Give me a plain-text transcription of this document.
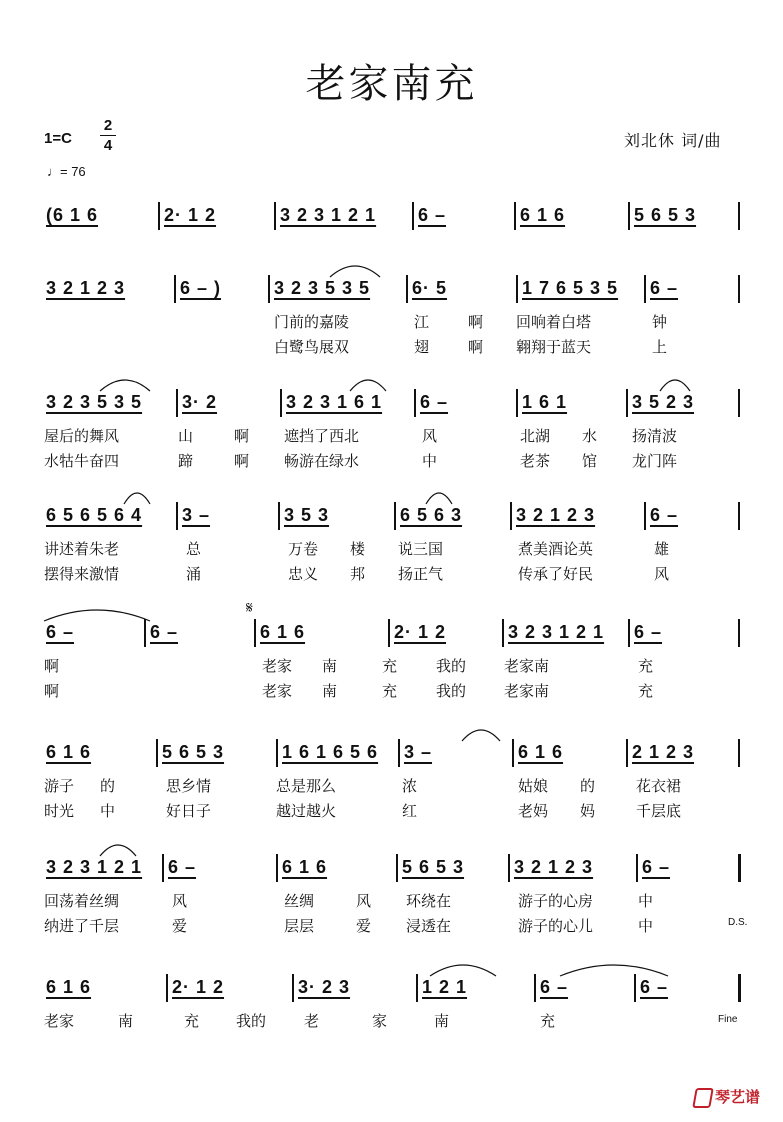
老家南充
1=C
2
4
♩= 76
刘北休 词/曲
(6 1 6	2· 1 2	3 2 3 1 2 1 6 –	6 1 6	5 6 5 3
3 2 1 2 3	6 – )	3 2 3 5 3 5 6· 5	1 7 6 5 3 5 6 –
门前的嘉陵	江	啊 回响着白塔	钟
白鹭鸟展双	翅	啊 翱翔于蓝天	上
3 2 3 5 3 5 3· 2	3 2 3 1 6 1 6 –	1 6 1	3 5 2 3
屋后的舞风	山	啊 遮挡了西北	风	北湖 水 扬清波
水牯牛奋四	蹄	啊 畅游在绿水	中	老茶 馆 龙门阵
6 5 6 5 6 4 3 –	3 5 3	6 5 6 3	3 2 1 2 3	6 –
讲述着朱老	总	万卷 楼 说三国	煮美酒论英	雄
摆得来激情	涌	忠义 邦 扬正气	传承了好民	风
6 –	6 –	6 1 6	2· 1 2	3 2 3 1 2 1 6 –
啊	老家 南	充	我的	老家南	充
啊	老家 南	充	我的	老家南	充
6 1 6	5 6 5 3	1 6 1 6 5 6 3 –	6 1 6	2 1 2 3
游子 的	思乡情	总是那么	浓	姑娘 的	花衣裙
时光 中	好日子	越过越火	红	老妈 妈	千层底
3 2 3 1 2 1 6 –	6 1 6	5 6 5 3	3 2 1 2 3	6 –
回荡着丝绸	风	丝绸	风 环绕在	游子的心房	中
纳进了千层	爱	层层	爱 浸透在	游子的心儿	中
6 1 6	2· 1 2	3· 2 3	1 2 1	6 –	6 –
老家	南	充 我的	老	家	南	充
D.S.
Fine
𝄋
琴艺谱
